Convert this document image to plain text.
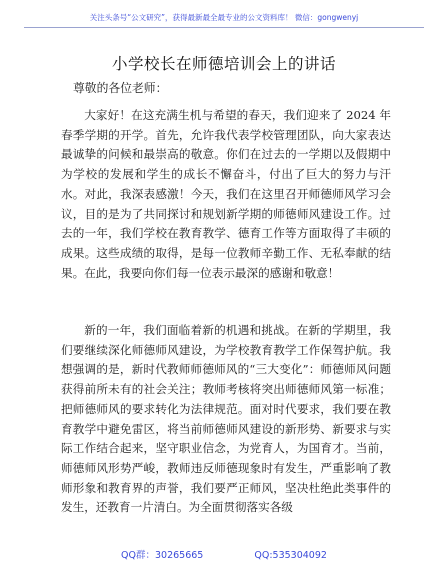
关注头条号“公文研究”，获得最新最全最专业的公文资料库！ 微信：gongwenyj
小学校长在师德培训会上的讲话
尊敬的各位老师：

大家好！在这充满生机与希望的春天，我们迎来了 2024 年春季学期的开学。首先，允许我代表学校管理团队，向大家表达最诚挚的问候和最崇高的敬意。你们在过去的一学期以及假期中为学校的发展和学生的成长不懈奋斗，付出了巨大的努力与汗水。对此，我深表感激！今天，我们在这里召开师德师风学习会议，目的是为了共同探讨和规划新学期的师德师风建设工作。过去的一年，我们学校在教育教学、德育工作等方面取得了丰硕的成果。这些成绩的取得，是每一位教师辛勤工作、无私奉献的结果。在此，我要向你们每一位表示最深的感谢和敬意！

新的一年，我们面临着新的机遇和挑战。在新的学期里，我们要继续深化师德师风建设，为学校教育教学工作保驾护航。我想强调的是，新时代教师师德师风的“三大变化”：师德师风问题获得前所未有的社会关注；教师考核将突出师德师风第一标准；把师德师风的要求转化为法律规范。面对时代要求，我们要在教育教学中避免雷区，将当前师德师风建设的新形势、新要求与实际工作结合起来，坚守职业信念，为党育人，为国育才。当前，师德师风形势严峻，教师违反师德现象时有发生，严重影响了教师形象和教育界的声誉，我们要严正师风，坚决杜绝此类事件的发生，还教育一片清白。为全面贯彻落实各级

QQ群：30265665	QQ:535304092
